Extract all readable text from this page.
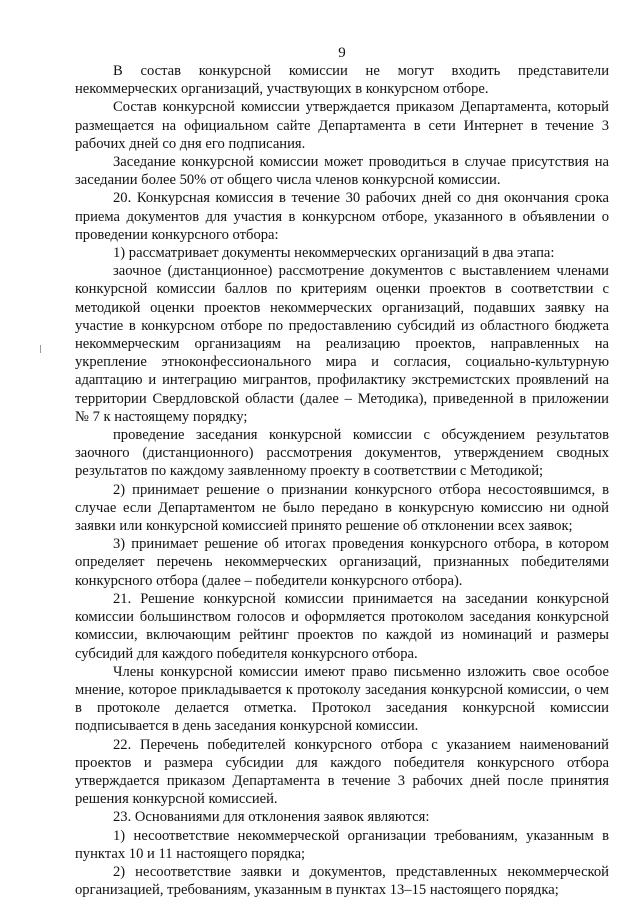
9

В состав конкурсной комиссии не могут входить представители некоммерческих организаций, участвующих в конкурсном отборе.

Состав конкурсной комиссии утверждается приказом Департамента, который размещается на официальном сайте Департамента в сети Интернет в течение 3 рабочих дней со дня его подписания.

Заседание конкурсной комиссии может проводиться в случае присутствия на заседании более 50% от общего числа членов конкурсной комиссии.

20. Конкурсная комиссия в течение 30 рабочих дней со дня окончания срока приема документов для участия в конкурсном отборе, указанного в объявлении о проведении конкурсного отбора:

1) рассматривает документы некоммерческих организаций в два этапа:

заочное (дистанционное) рассмотрение документов с выставлением членами конкурсной комиссии баллов по критериям оценки проектов в соответствии с методикой оценки проектов некоммерческих организаций, подавших заявку на участие в конкурсном отборе по предоставлению субсидий из областного бюджета некоммерческим организациям на реализацию проектов, направленных на укрепление этноконфессионального мира и согласия, социально-культурную адаптацию и интеграцию мигрантов, профилактику экстремистских проявлений на территории Свердловской области (далее – Методика), приведенной в приложении № 7 к настоящему порядку;

проведение заседания конкурсной комиссии с обсуждением результатов заочного (дистанционного) рассмотрения документов, утверждением сводных результатов по каждому заявленному проекту в соответствии с Методикой;

2) принимает решение о признании конкурсного отбора несостоявшимся, в случае если Департаментом не было передано в конкурсную комиссию ни одной заявки или конкурсной комиссией принято решение об отклонении всех заявок;

3) принимает решение об итогах проведения конкурсного отбора, в котором определяет перечень некоммерческих организаций, признанных победителями конкурсного отбора (далее – победители конкурсного отбора).

21. Решение конкурсной комиссии принимается на заседании конкурсной комиссии большинством голосов и оформляется протоколом заседания конкурсной комиссии, включающим рейтинг проектов по каждой из номинаций и размеры субсидий для каждого победителя конкурсного отбора.

Члены конкурсной комиссии имеют право письменно изложить свое особое мнение, которое прикладывается к протоколу заседания конкурсной комиссии, о чем в протоколе делается отметка. Протокол заседания конкурсной комиссии подписывается в день заседания конкурсной комиссии.

22. Перечень победителей конкурсного отбора с указанием наименований проектов и размера субсидии для каждого победителя конкурсного отбора утверждается приказом Департамента в течение 3 рабочих дней после принятия решения конкурсной комиссией.

23. Основаниями для отклонения заявок являются:

1) несоответствие некоммерческой организации требованиям, указанным в пунктах 10 и 11 настоящего порядка;

2) несоответствие заявки и документов, представленных некоммерческой организацией, требованиям, указанным в пунктах 13–15 настоящего порядка;
